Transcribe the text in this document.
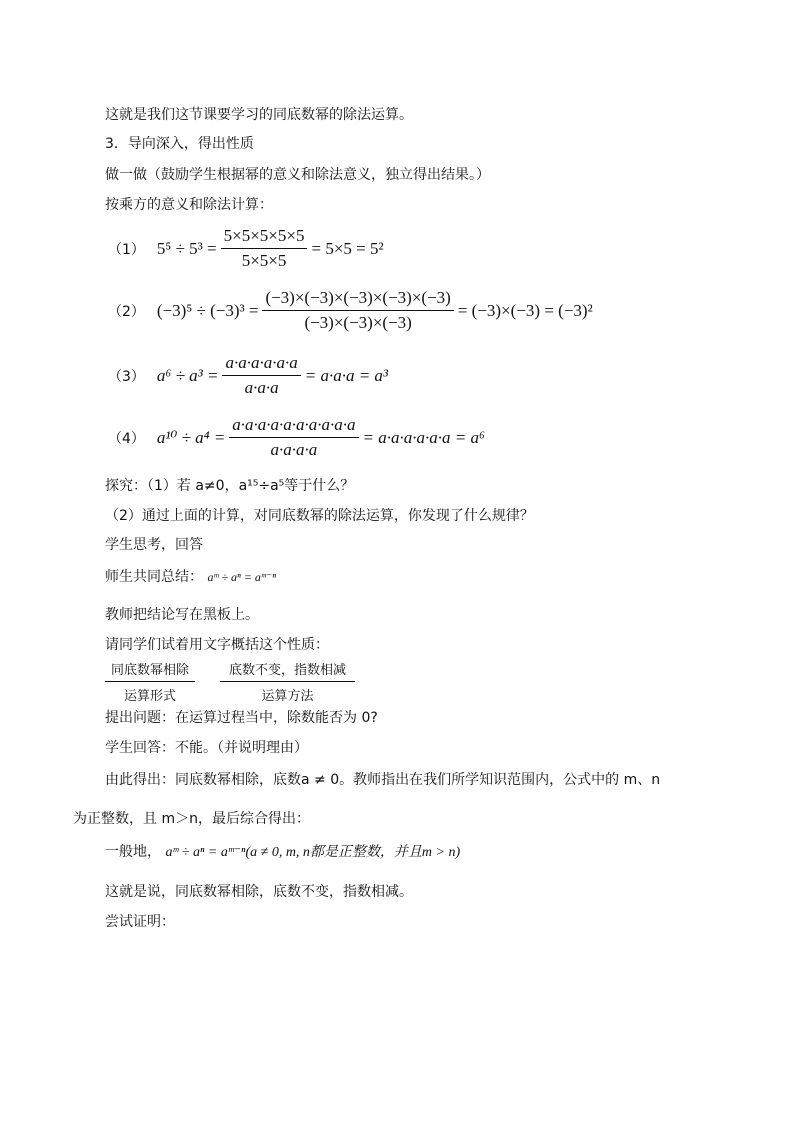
这就是我们这节课要学习的同底数幂的除法运算。
3．导向深入，得出性质
做一做（鼓励学生根据幂的意义和除法意义，独立得出结果。）
按乘方的意义和除法计算：
（1） $5^5 \div 5^3 = \frac{5\times 5\times 5\times 5\times 5}{5\times 5\times 5} = 5\times 5 = 5^2$
（2） $(-3)^5 \div (-3)^3 = \frac{(-3)\times(-3)\times(-3)\times(-3)\times(-3)}{(-3)\times(-3)\times(-3)} = (-3)\times(-3) = (-3)^2$
（3） $a^6 \div a^3 = \frac{a\cdot a\cdot a\cdot a\cdot a\cdot a}{a\cdot a\cdot a} = a\cdot a\cdot a = a^3$
（4） $a^{10} \div a^4 = \frac{a\cdot a\cdot a\cdot a\cdot a\cdot a\cdot a\cdot a\cdot a\cdot a}{a\cdot a\cdot a\cdot a} = a\cdot a\cdot a\cdot a\cdot a\cdot a = a^6$
探究：（1）若 a≠0，a¹⁵÷a⁵等于什么？
（2）通过上面的计算，对同底数幂的除法运算，你发现了什么规律？
学生思考，回答
师生共同总结： aᵐ ÷ aⁿ = aᵐ⁻ⁿ
教师把结论写在黑板上。
请同学们试着用文字概括这个性质：
同底数幂相除
运算形式
底数不变，指数相减
运算方法
提出问题：在运算过程当中，除数能否为 0?
学生回答：不能。（并说明理由）
由此得出：同底数幂相除，底数a ≠ 0。教师指出在我们所学知识范围内，公式中的 m、n
为正整数，且 m＞n，最后综合得出：
一般地， aᵐ ÷ aⁿ = aᵐ⁻ⁿ(a ≠ 0, m, n都是正整数，并且m > n)
这就是说，同底数幂相除，底数不变，指数相减。
尝试证明：
